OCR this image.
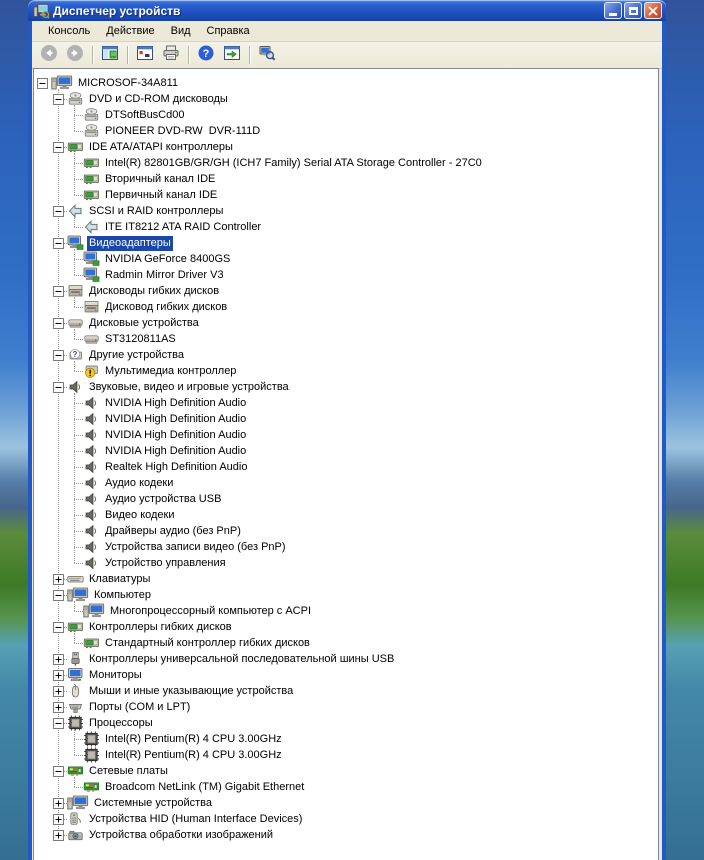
Диспетчер устройств
Консоль	Действие	Вид	Справка
?
MICROSOF-34A811
DVD и CD-ROM дисководы
DTSoftBusCd00
PIONEER DVD-RW  DVR-111D
IDE ATA/ATAPI контроллеры
Intel(R) 82801GB/GR/GH (ICH7 Family) Serial ATA Storage Controller - 27C0
Вторичный канал IDE
Первичный канал IDE
SCSI и RAID контроллеры
ITE IT8212 ATA RAID Controller
Видеоадаптеры
NVIDIA GeForce 8400GS
Radmin Mirror Driver V3
Дисководы гибких дисков
Дисковод гибких дисков
Дисковые устройства
ST3120811AS
? Другие устройства
Мультимедиа контроллер
Звуковые, видео и игровые устройства
NVIDIA High Definition Audio
NVIDIA High Definition Audio
NVIDIA High Definition Audio
NVIDIA High Definition Audio
Realtek High Definition Audio
Аудио кодеки
Аудио устройства USB
Видео кодеки
Драйверы аудио (без PnP)
Устройства записи видео (без PnP)
Устройство управления
Клавиатуры
Компьютер
Многопроцессорный компьютер с ACPI
Контроллеры гибких дисков
Стандартный контроллер гибких дисков
Контроллеры универсальной последовательной шины USB
Мониторы
Мыши и иные указывающие устройства
Порты (COM и LPT)
Процессоры
Intel(R) Pentium(R) 4 CPU 3.00GHz
Intel(R) Pentium(R) 4 CPU 3.00GHz
Сетевые платы
Broadcom NetLink (TM) Gigabit Ethernet
Системные устройства
Устройства HID (Human Interface Devices)
Устройства обработки изображений
